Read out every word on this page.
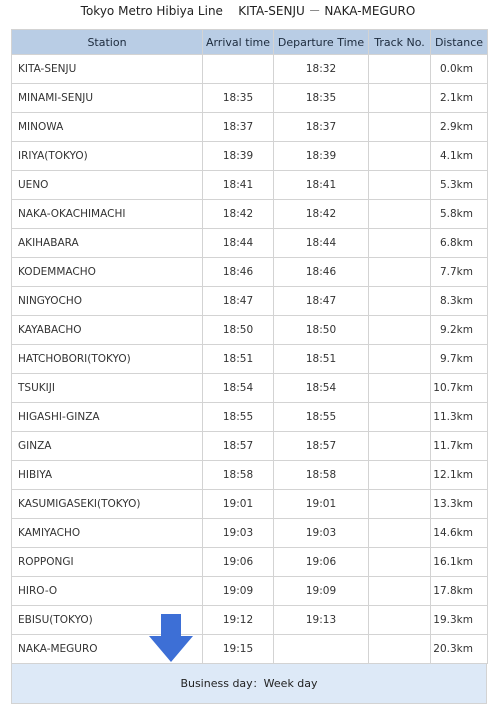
Tokyo Metro Hibiya Line    KITA-SENJU － NAKA-MEGURO
Station	Arrival time	Departure Time	Track No.	Distance
KITA-SENJU		18:32		0.0km
MINAMI-SENJU	18:35	18:35		2.1km
MINOWA	18:37	18:37		2.9km
IRIYA(TOKYO)	18:39	18:39		4.1km
UENO	18:41	18:41		5.3km
NAKA-OKACHIMACHI	18:42	18:42		5.8km
AKIHABARA	18:44	18:44		6.8km
KODEMMACHO	18:46	18:46		7.7km
NINGYOCHO	18:47	18:47		8.3km
KAYABACHO	18:50	18:50		9.2km
HATCHOBORI(TOKYO)	18:51	18:51		9.7km
TSUKIJI	18:54	18:54		10.7km
HIGASHI-GINZA	18:55	18:55		11.3km
GINZA	18:57	18:57		11.7km
HIBIYA	18:58	18:58		12.1km
KASUMIGASEKI(TOKYO)	19:01	19:01		13.3km
KAMIYACHO	19:03	19:03		14.6km
ROPPONGI	19:06	19:06		16.1km
HIRO-O	19:09	19:09		17.8km
EBISU(TOKYO)	19:12	19:13		19.3km
NAKA-MEGURO	19:15			20.3km
Business day：Week day
